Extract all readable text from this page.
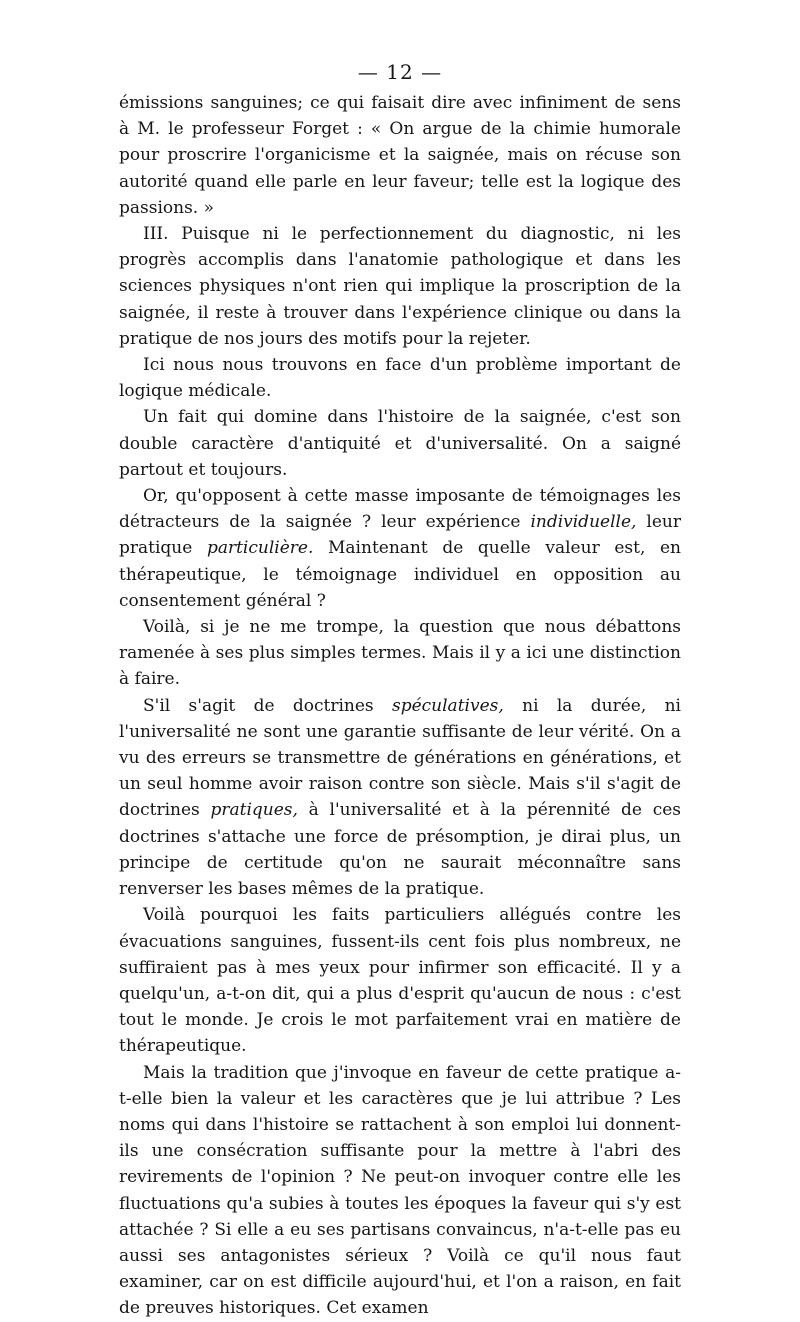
— 12 —

émissions sanguines; ce qui faisait dire avec infiniment de sens à M. le professeur Forget : « On argue de la chimie humorale pour proscrire l'organicisme et la saignée, mais on récuse son autorité quand elle parle en leur faveur; telle est la logique des passions. »

III. Puisque ni le perfectionnement du diagnostic, ni les progrès accomplis dans l'anatomie pathologique et dans les sciences physiques n'ont rien qui implique la proscription de la saignée, il reste à trouver dans l'expérience clinique ou dans la pratique de nos jours des motifs pour la rejeter.

Ici nous nous trouvons en face d'un problème important de logique médicale.

Un fait qui domine dans l'histoire de la saignée, c'est son double caractère d'antiquité et d'universalité. On a saigné partout et toujours.

Or, qu'opposent à cette masse imposante de témoignages les détracteurs de la saignée ? leur expérience individuelle, leur pratique particulière. Maintenant de quelle valeur est, en thérapeutique, le témoignage individuel en opposition au consentement général ?

Voilà, si je ne me trompe, la question que nous débattons ramenée à ses plus simples termes. Mais il y a ici une distinction à faire.

S'il s'agit de doctrines spéculatives, ni la durée, ni l'universalité ne sont une garantie suffisante de leur vérité. On a vu des erreurs se transmettre de générations en générations, et un seul homme avoir raison contre son siècle. Mais s'il s'agit de doctrines pratiques, à l'universalité et à la pérennité de ces doctrines s'attache une force de présomption, je dirai plus, un principe de certitude qu'on ne saurait méconnaître sans renverser les bases mêmes de la pratique.

Voilà pourquoi les faits particuliers allégués contre les évacuations sanguines, fussent-ils cent fois plus nombreux, ne suffiraient pas à mes yeux pour infirmer son efficacité. Il y a quelqu'un, a-t-on dit, qui a plus d'esprit qu'aucun de nous : c'est tout le monde. Je crois le mot parfaitement vrai en matière de thérapeutique.

Mais la tradition que j'invoque en faveur de cette pratique a-t-elle bien la valeur et les caractères que je lui attribue ? Les noms qui dans l'histoire se rattachent à son emploi lui donnent-ils une consécration suffisante pour la mettre à l'abri des revirements de l'opinion ? Ne peut-on invoquer contre elle les fluctuations qu'a subies à toutes les époques la faveur qui s'y est attachée ? Si elle a eu ses partisans convaincus, n'a-t-elle pas eu aussi ses antagonistes sérieux ? Voilà ce qu'il nous faut examiner, car on est difficile aujourd'hui, et l'on a raison, en fait de preuves historiques. Cet examen
